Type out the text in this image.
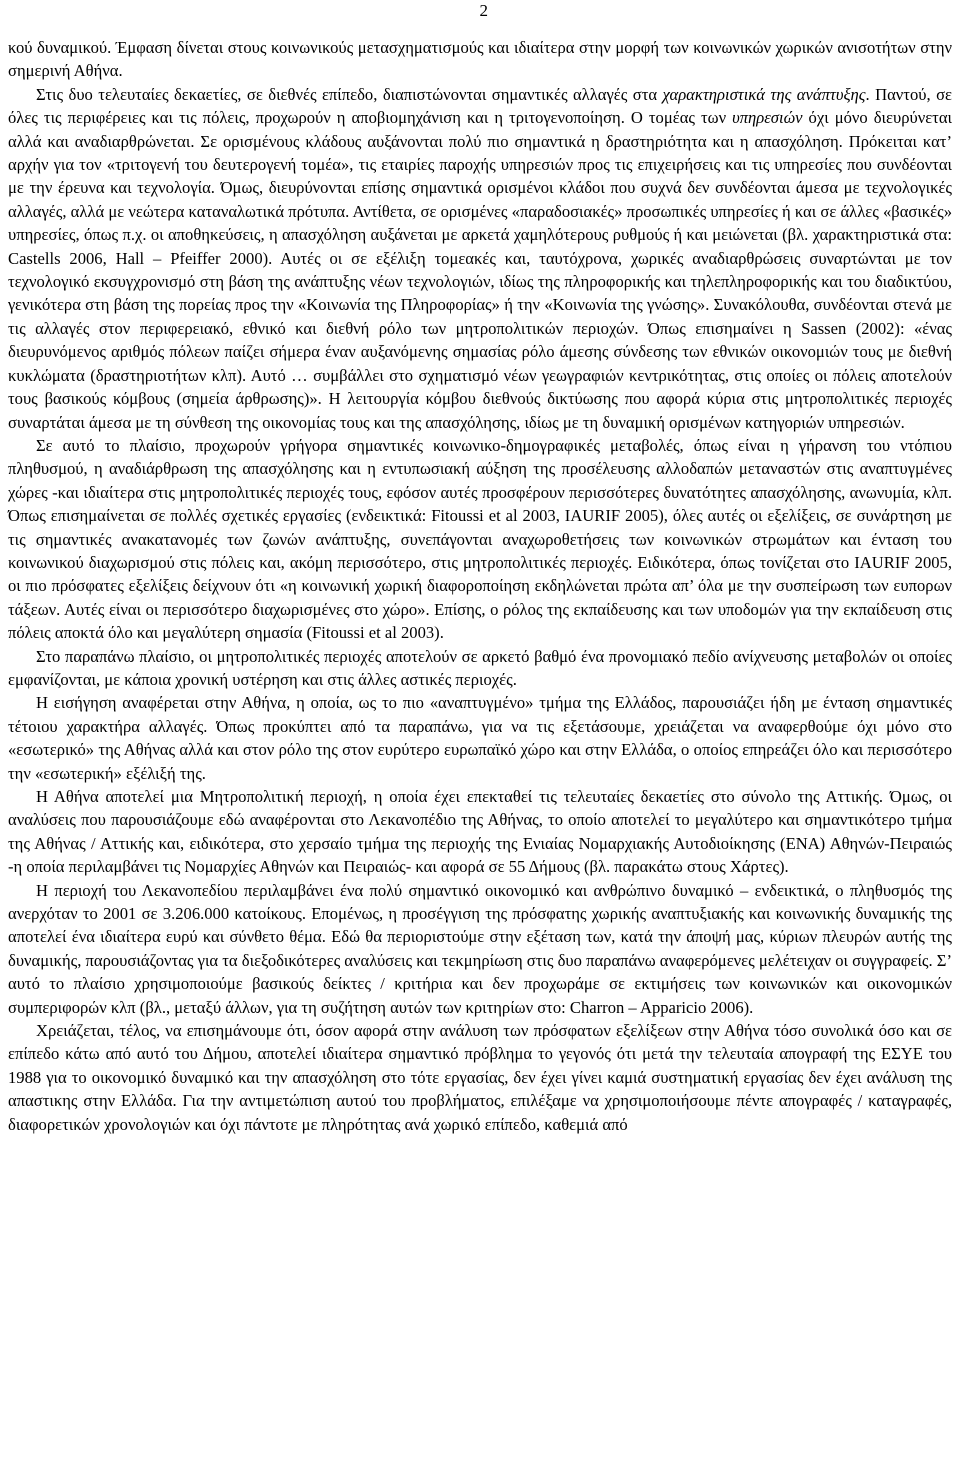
2

κού δυναμικού. Έμφαση δίνεται στους κοινωνικούς μετασχηματισμούς και ιδιαίτερα στην μορφή των κοινωνικών χωρικών ανισοτήτων στην σημερινή Αθήνα.

Στις δυο τελευταίες δεκαετίες, σε διεθνές επίπεδο, διαπιστώνονται σημαντικές αλλαγές στα χαρακτηριστικά της ανάπτυξης. Παντού, σε όλες τις περιφέρειες και τις πόλεις, προχωρούν η αποβιομηχάνιση και η τριτογενοποίηση. Ο τομέας των υπηρεσιών όχι μόνο διευρύνεται αλλά και αναδιαρθρώνεται. Σε ορισμένους κλάδους αυξάνονται πολύ πιο σημαντικά η δραστηριότητα και η απασχόληση. Πρόκειται κατ’ αρχήν για τον «τριτογενή του δευτερογενή τομέα», τις εταιρίες παροχής υπηρεσιών προς τις επιχειρήσεις και τις υπηρεσίες που συνδέονται με την έρευνα και τεχνολογία. Όμως, διευρύνονται επίσης σημαντικά ορισμένοι κλάδοι που συχνά δεν συνδέονται άμεσα με τεχνολογικές αλλαγές, αλλά με νεώτερα καταναλωτικά πρότυπα. Αντίθετα, σε ορισμένες «παραδοσιακές» προσωπικές υπηρεσίες ή και σε άλλες «βασικές» υπηρεσίες, όπως π.χ. οι αποθηκεύσεις, η απασχόληση αυξάνεται με αρκετά χαμηλότερους ρυθμούς ή και μειώνεται (βλ. χαρακτηριστικά στα: Castells 2006, Hall – Pfeiffer 2000). Αυτές οι σε εξέλιξη τομεακές και, ταυτόχρονα, χωρικές αναδιαρθρώσεις συναρτώνται με τον τεχνολογικό εκσυγχρονισμό στη βάση της ανάπτυξης νέων τεχνολογιών, ιδίως της πληροφορικής και τηλεπληροφορικής και του διαδικτύου, γενικότερα στη βάση της πορείας προς την «Κοινωνία της Πληροφορίας» ή την «Κοινωνία της γνώσης». Συνακόλουθα, συνδέονται στενά με τις αλλαγές στον περιφερειακό, εθνικό και διεθνή ρόλο των μητροπολιτικών περιοχών. Όπως επισημαίνει η Sassen (2002): «ένας διευρυνόμενος αριθμός πόλεων παίζει σήμερα έναν αυξανόμενης σημασίας ρόλο άμεσης σύνδεσης των εθνικών οικονομιών τους με διεθνή κυκλώματα (δραστηριοτήτων κλπ). Αυτό … συμβάλλει στο σχηματισμό νέων γεωγραφιών κεντρικότητας, στις οποίες οι πόλεις αποτελούν τους βασικούς κόμβους (σημεία άρθρωσης)». Η λειτουργία κόμβου διεθνούς δικτύωσης που αφορά κύρια στις μητροπολιτικές περιοχές συναρτάται άμεσα με τη σύνθεση της οικονομίας τους και της απασχόλησης, ιδίως με τη δυναμική ορισμένων κατηγοριών υπηρεσιών.

Σε αυτό το πλαίσιο, προχωρούν γρήγορα σημαντικές κοινωνικο-δημογραφικές μεταβολές, όπως είναι η γήρανση του ντόπιου πληθυσμού, η αναδιάρθρωση της απασχόλησης και η εντυπωσιακή αύξηση της προσέλευσης αλλοδαπών μεταναστών στις αναπτυγμένες χώρες -και ιδιαίτερα στις μητροπολιτικές περιοχές τους, εφόσον αυτές προσφέρουν περισσότερες δυνατότητες απασχόλησης, ανωνυμία, κλπ. Όπως επισημαίνεται σε πολλές σχετικές εργασίες (ενδεικτικά: Fitoussi et al 2003, IAURIF 2005), όλες αυτές οι εξελίξεις, σε συνάρτηση με τις σημαντικές ανακατανομές των ζωνών ανάπτυξης, συνεπάγονται αναχωροθετήσεις των κοινωνικών στρωμάτων και ένταση του κοινωνικού διαχωρισμού στις πόλεις και, ακόμη περισσότερο, στις μητροπολιτικές περιοχές. Ειδικότερα, όπως τονίζεται στο IAURIF 2005, οι πιο πρόσφατες εξελίξεις δείχνουν ότι «η κοινωνική χωρική διαφοροποίηση εκδηλώνεται πρώτα απ’ όλα με την συσπείρωση των ευπορων τάξεων. Αυτές είναι οι περισσότερο διαχωρισμένες στο χώρο». Επίσης, ο ρόλος της εκπαίδευσης και των υποδομών για την εκπαίδευση στις πόλεις αποκτά όλο και μεγαλύτερη σημασία (Fitoussi et al 2003).

Στο παραπάνω πλαίσιο, οι μητροπολιτικές περιοχές αποτελούν σε αρκετό βαθμό ένα προνομιακό πεδίο ανίχνευσης μεταβολών οι οποίες εμφανίζονται, με κάποια χρονική υστέρηση και στις άλλες αστικές περιοχές.

Η εισήγηση αναφέρεται στην Αθήνα, η οποία, ως το πιο «αναπτυγμένο» τμήμα της Ελλάδος, παρουσιάζει ήδη με ένταση σημαντικές τέτοιου χαρακτήρα αλλαγές. Όπως προκύπτει από τα παραπάνω, για να τις εξετάσουμε, χρειάζεται να αναφερθούμε όχι μόνο στο «εσωτερικό» της Αθήνας αλλά και στον ρόλο της στον ευρύτερο ευρωπαϊκό χώρο και στην Ελλάδα, ο οποίος επηρεάζει όλο και περισσότερο την «εσωτερική» εξέλιξή της.

Η Αθήνα αποτελεί μια Μητροπολιτική περιοχή, η οποία έχει επεκταθεί τις τελευταίες δεκαετίες στο σύνολο της Αττικής. Όμως, οι αναλύσεις που παρουσιάζουμε εδώ αναφέρονται στο Λεκανοπέδιο της Αθήνας, το οποίο αποτελεί το μεγαλύτερο και σημαντικότερο τμήμα της Αθήνας / Αττικής και, ειδικότερα, στο χερσαίο τμήμα της περιοχής της Ενιαίας Νομαρχιακής Αυτοδιοίκησης (ΕΝΑ) Αθηνών-Πειραιώς -η οποία περιλαμβάνει τις Νομαρχίες Αθηνών και Πειραιώς- και αφορά σε 55 Δήμους (βλ. παρακάτω στους Χάρτες).

Η περιοχή του Λεκανοπεδίου περιλαμβάνει ένα πολύ σημαντικό οικονομικό και ανθρώπινο δυναμικό – ενδεικτικά, ο πληθυσμός της ανερχόταν το 2001 σε 3.206.000 κατοίκους. Επομένως, η προσέγγιση της πρόσφατης χωρικής αναπτυξιακής και κοινωνικής δυναμικής της αποτελεί ένα ιδιαίτερα ευρύ και σύνθετο θέμα. Εδώ θα περιοριστούμε στην εξέταση των, κατά την άποψή μας, κύριων πλευρών αυτής της δυναμικής, παρουσιάζοντας για τα διεξοδικότερες αναλύσεις και τεκμηρίωση στις δυο παραπάνω αναφερόμενες μελέτειχαν οι συγγραφείς. Σ’ αυτό το πλαίσιο χρησιμοποιούμε βασικούς δείκτες / κριτήρια και δεν προχωράμε σε εκτιμήσεις των κοινωνικών και οικονομικών συμπεριφορών κλπ (βλ., μεταξύ άλλων, για τη συζήτηση αυτών των κριτηρίων στο: Charron – Apparicio 2006).

Χρειάζεται, τέλος, να επισημάνουμε ότι, όσον αφορά στην ανάλυση των πρόσφατων εξελίξεων στην Αθήνα τόσο συνολικά όσο και σε επίπεδο κάτω από αυτό του Δήμου, αποτελεί ιδιαίτερα σημαντικό πρόβλημα το γεγονός ότι μετά την τελευταία απογραφή της ΕΣΥΕ του 1988 για το οικονομικό δυναμικό και την απασχόληση στο τότε εργασίας, δεν έχει γίνει καμιά συστηματική εργασίας δεν έχει ανάλυση της απαστικης στην Ελλάδα. Για την αντιμετώπιση αυτού του προβλήματος, επιλέξαμε να χρησιμοποιήσουμε πέντε απογραφές / καταγραφές, διαφορετικών χρονολογιών και όχι πάντοτε με πληρότητας ανά χωρικό επίπεδο, καθεμιά από
